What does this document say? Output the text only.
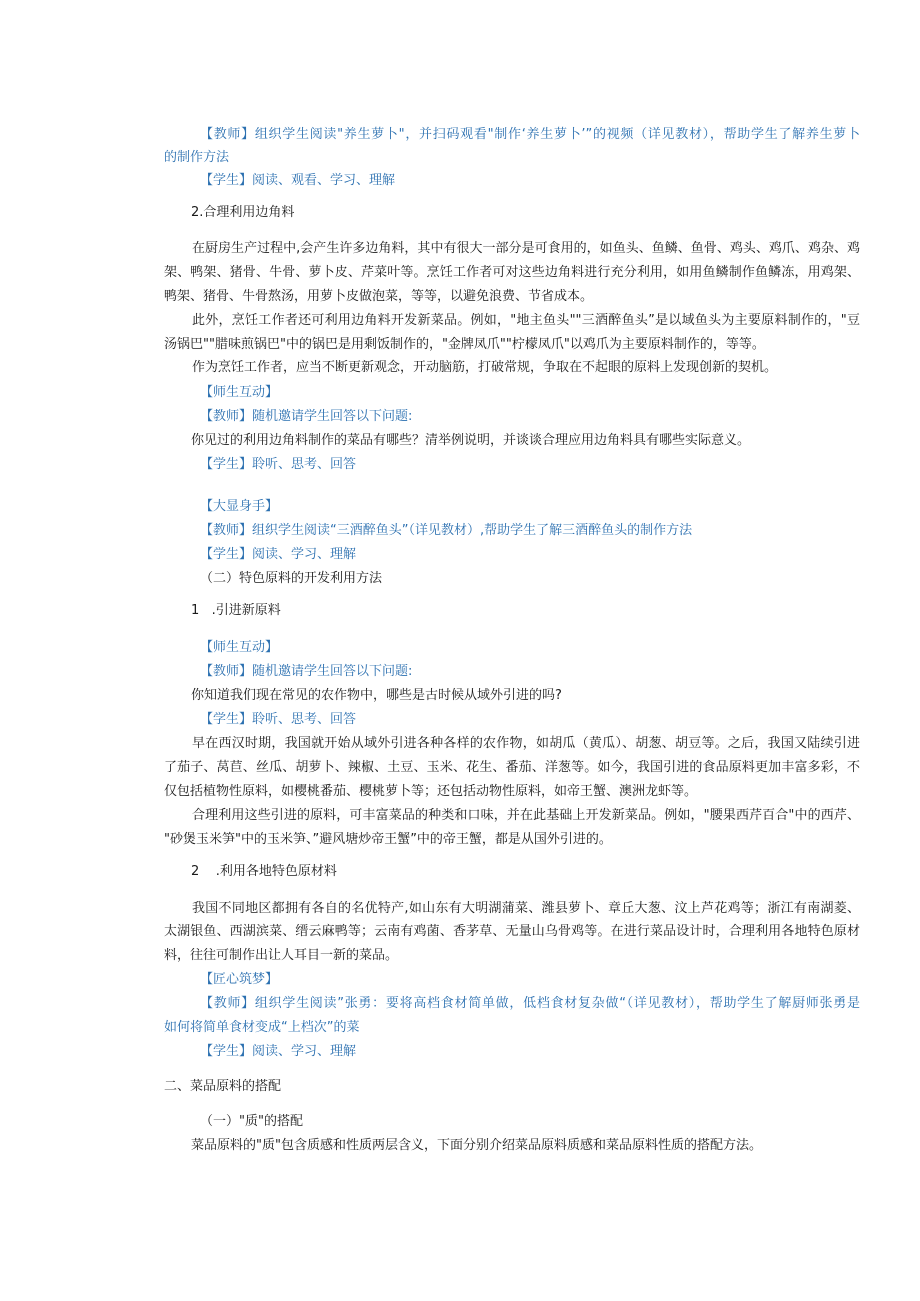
【教师】组织学生阅读"养生萝卜"，并扫码观看"制作‘养生萝卜’”的视频（详见教材），帮助学生了解养生萝卜
的制作方法
【学生】阅读、观看、学习、理解
2.合理利用边角料
在厨房生产过程中,会产生许多边角料，其中有很大一部分是可食用的，如鱼头、鱼鳞、鱼骨、鸡头、鸡爪、鸡杂、鸡
架、鸭架、猪骨、牛骨、萝卜皮、芹菜叶等。烹饪工作者可对这些边角料进行充分利用，如用鱼鳞制作鱼鳞冻，用鸡架、
鸭架、猪骨、牛骨熬汤，用萝卜皮做泡菜，等等，以避免浪费、节省成本。
此外，烹饪工作者还可利用边角料开发新菜品。例如，"地主鱼头""三酒醉鱼头”是以域鱼头为主要原料制作的，"豆
汤锅巴""腊味煎锅巴"中的锅巴是用剩饭制作的，"金牌凤爪""柠檬凤爪"以鸡爪为主要原料制作的，等等。
作为烹饪工作者，应当不断更新观念，开动脑筋，打破常规，争取在不起眼的原料上发现创新的契机。
【师生互动】
【教师】随机邀请学生回答以下问题:
你见过的利用边角料制作的菜品有哪些？清举例说明，并谈谈合理应用边角料具有哪些实际意义。
【学生】聆听、思考、回答
【大显身手】
【教师】组织学生阅读“三酒醉鱼头”（详见教材）,帮助学生了解三酒醉鱼头的制作方法
【学生】阅读、学习、理解
（二）特色原料的开发利用方法
1   .引进新原料
【师生互动】
【教师】随机邀请学生回答以下问题:
你知道我们现在常见的农作物中，哪些是古时候从域外引进的吗?
【学生】聆听、思考、回答
早在西汉时期，我国就开始从域外引进各种各样的农作物，如胡瓜（黄瓜）、胡葱、胡豆等。之后，我国又陆续引进
了茄子、莴苣、丝瓜、胡萝卜、辣椒、土豆、玉米、花生、番茄、洋葱等。如今，我国引进的食品原料更加丰富多彩，不
仅包括植物性原料，如樱桃番茄、樱桃萝卜等；还包括动物性原料，如帝王蟹、澳洲龙虾等。
合理利用这些引进的原料，可丰富菜品的种类和口味，并在此基础上开发新菜品。例如，"腰果西芹百合"中的西芹、
"砂煲玉米笋"中的玉米笋、”避风塘炒帝王蟹”中的帝王蟹，都是从国外引进的。
2    .利用各地特色原材料
我国不同地区都拥有各自的名优特产,如山东有大明湖蒲菜、潍县萝卜、章丘大葱、汶上芦花鸡等；浙江有南湖菱、
太湖银鱼、西湖滨菜、缙云麻鸭等；云南有鸡菌、香茅草、无量山乌骨鸡等。在进行菜品设计时，合理利用各地特色原材
料，往往可制作出让人耳目一新的菜品。
【匠心筑梦】
【教师】组织学生阅读”张勇：要将高档食材简单做，低档食材复杂做“（详见教材），帮助学生了解厨师张勇是
如何将简单食材变成“上档次”的菜
【学生】阅读、学习、理解
二、菜品原料的搭配
（一）"质"的搭配
菜品原料的"质"包含质感和性质两层含义，下面分别介绍菜品原料质感和菜品原料性质的搭配方法。
